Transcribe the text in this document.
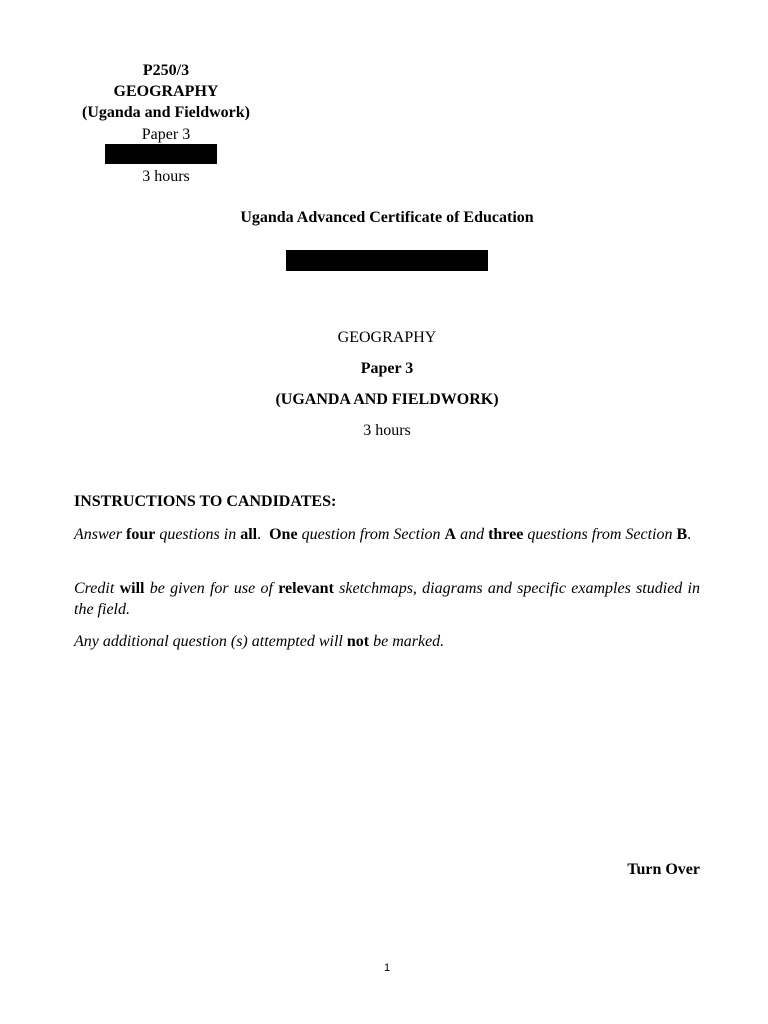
P250/3
GEOGRAPHY
(Uganda and Fieldwork)
Paper 3
3 hours
Uganda Advanced Certificate of Education
GEOGRAPHY
Paper 3
(UGANDA AND FIELDWORK)
3 hours
INSTRUCTIONS TO CANDIDATES:
Answer four questions in all.  One question from Section A and three questions from Section B.
Credit will be given for use of relevant sketchmaps, diagrams and specific examples studied in the field.
Any additional question (s) attempted will not be marked.
Turn Over
1
